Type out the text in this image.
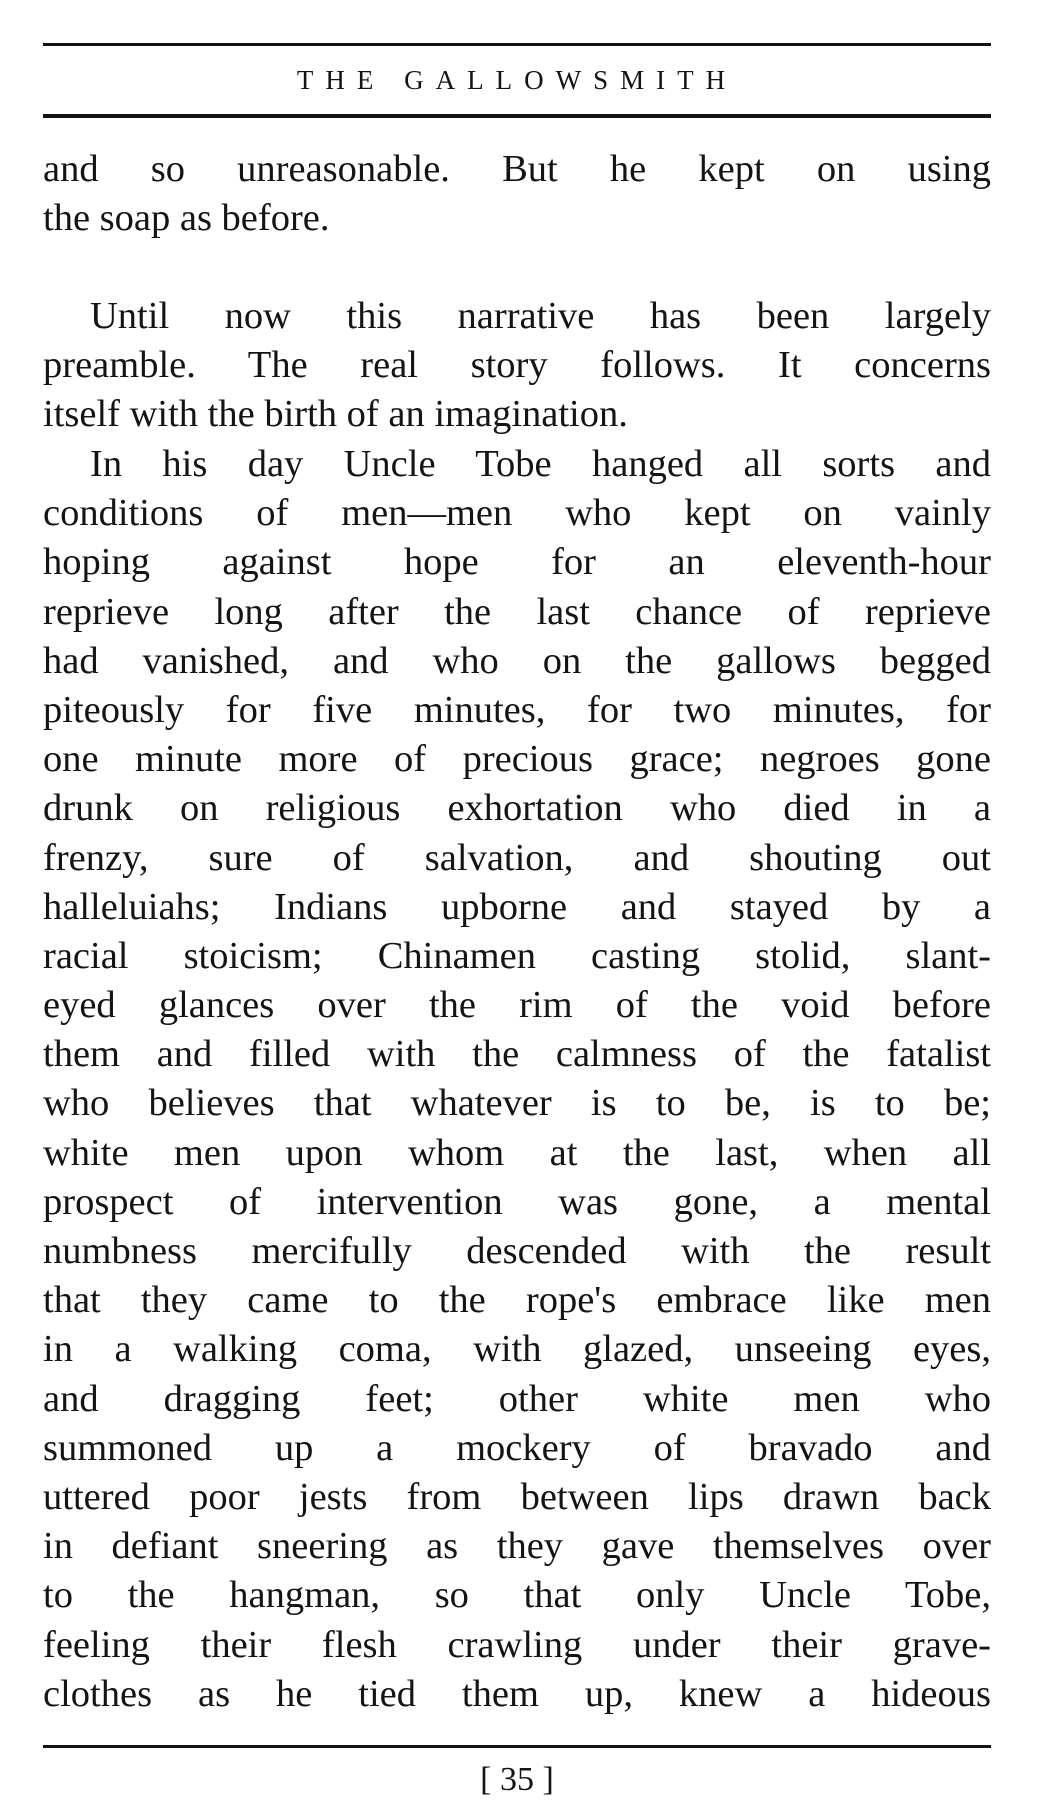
THE GALLOWSMITH
and so unreasonable. But he kept on using
the soap as before.
Until now this narrative has been largely
preamble. The real story follows. It concerns
itself with the birth of an imagination.
In his day Uncle Tobe hanged all sorts and
conditions of men—men who kept on vainly
hoping against hope for an eleventh-hour
reprieve long after the last chance of reprieve
had vanished, and who on the gallows begged
piteously for five minutes, for two minutes, for
one minute more of precious grace; negroes gone
drunk on religious exhortation who died in a
frenzy, sure of salvation, and shouting out
halleluiahs; Indians upborne and stayed by a
racial stoicism; Chinamen casting stolid, slant-
eyed glances over the rim of the void before
them and filled with the calmness of the fatalist
who believes that whatever is to be, is to be;
white men upon whom at the last, when all
prospect of intervention was gone, a mental
numbness mercifully descended with the result
that they came to the rope's embrace like men
in a walking coma, with glazed, unseeing eyes,
and dragging feet; other white men who
summoned up a mockery of bravado and
uttered poor jests from between lips drawn back
in defiant sneering as they gave themselves over
to the hangman, so that only Uncle Tobe,
feeling their flesh crawling under their grave-
clothes as he tied them up, knew a hideous
[ 35 ]
